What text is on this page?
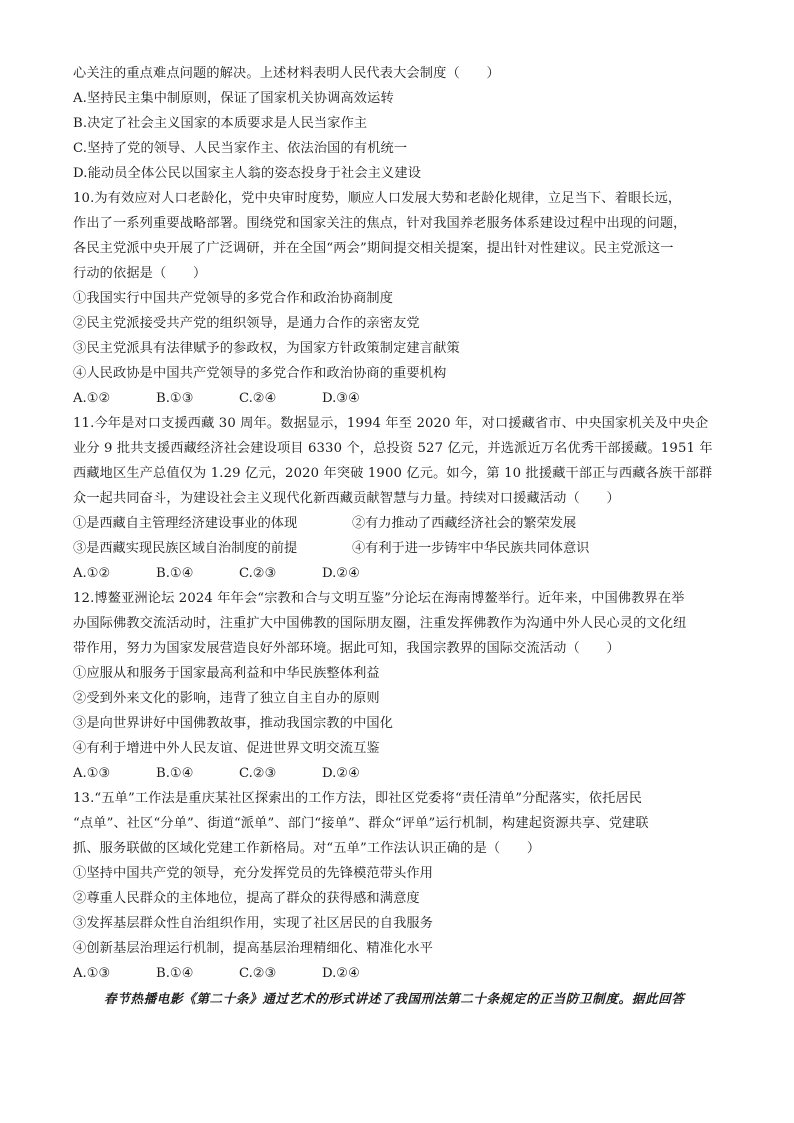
心关注的重点难点问题的解决。上述材料表明人民代表大会制度（　　）
A.坚持民主集中制原则，保证了国家机关协调高效运转
B.决定了社会主义国家的本质要求是人民当家作主
C.坚持了党的领导、人民当家作主、依法治国的有机统一
D.能动员全体公民以国家主人翁的姿态投身于社会主义建设
10.为有效应对人口老龄化，党中央审时度势，顺应人口发展大势和老龄化规律，立足当下、着眼长远，
作出了一系列重要战略部署。围绕党和国家关注的焦点，针对我国养老服务体系建设过程中出现的问题，
各民主党派中央开展了广泛调研，并在全国“两会”期间提交相关提案，提出针对性建议。民主党派这一
行动的依据是（　　）
①我国实行中国共产党领导的多党合作和政治协商制度
②民主党派接受共产党的组织领导，是通力合作的亲密友党
③民主党派具有法律赋予的参政权，为国家方针政策制定建言献策
④人民政协是中国共产党领导的多党合作和政治协商的重要机构
A.①②	B.①③	C.②④	D.③④
11.今年是对口支援西藏 30 周年。数据显示，1994 年至 2020 年，对口援藏省市、中央国家机关及中央企
业分 9 批共支援西藏经济社会建设项目 6330 个，总投资 527 亿元，并选派近万名优秀干部援藏。1951 年
西藏地区生产总值仅为 1.29 亿元，2020 年突破 1900 亿元。如今，第 10 批援藏干部正与西藏各族干部群
众一起共同奋斗，为建设社会主义现代化新西藏贡献智慧与力量。持续对口援藏活动（　　）
①是西藏自主管理经济建设事业的体现	②有力推动了西藏经济社会的繁荣发展
③是西藏实现民族区域自治制度的前提	④有利于进一步铸牢中华民族共同体意识
A.①②	B.①④	C.②③	D.②④
12.博鳌亚洲论坛 2024 年年会“宗教和合与文明互鉴”分论坛在海南博鳌举行。近年来，中国佛教界在举
办国际佛教交流活动时，注重扩大中国佛教的国际朋友圈，注重发挥佛教作为沟通中外人民心灵的文化纽
带作用，努力为国家发展营造良好外部环境。据此可知，我国宗教界的国际交流活动（　　）
①应服从和服务于国家最高利益和中华民族整体利益
②受到外来文化的影响，违背了独立自主自办的原则
③是向世界讲好中国佛教故事，推动我国宗教的中国化
④有利于增进中外人民友谊、促进世界文明交流互鉴
A.①③	B.①④	C.②③	D.②④
13.“五单”工作法是重庆某社区探索出的工作方法，即社区党委将“责任清单”分配落实，依托居民
“点单”、社区“分单”、街道“派单”、部门“接单”、群众“评单”运行机制，构建起资源共享、党建联
抓、服务联做的区域化党建工作新格局。对“五单”工作法认识正确的是（　　）
①坚持中国共产党的领导，充分发挥党员的先锋模范带头作用
②尊重人民群众的主体地位，提高了群众的获得感和满意度
③发挥基层群众性自治组织作用，实现了社区居民的自我服务
④创新基层治理运行机制，提高基层治理精细化、精准化水平
A.①③	B.①④	C.②③	D.②④
春节热播电影《第二十条》通过艺术的形式讲述了我国刑法第二十条规定的正当防卫制度。据此回答
